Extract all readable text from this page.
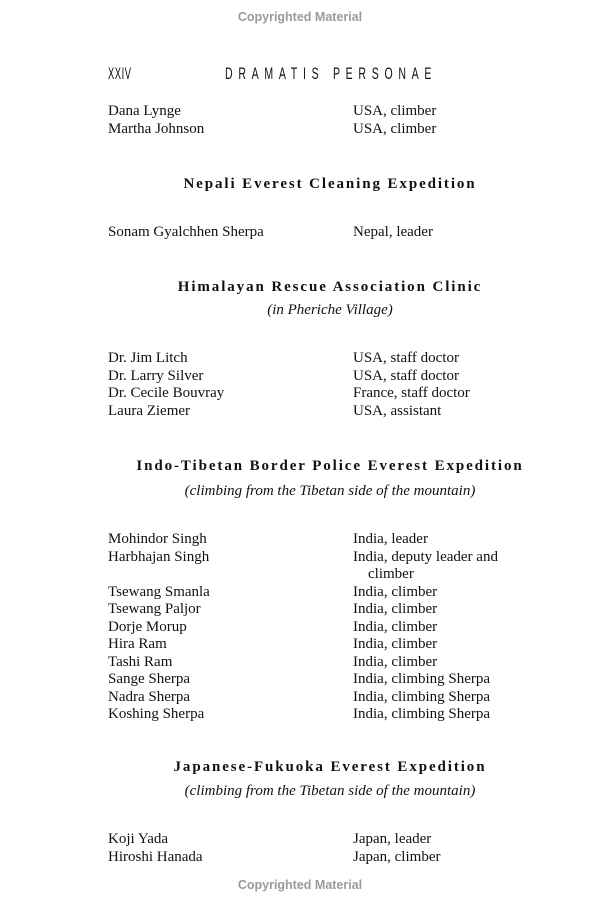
Copyrighted Material
XXIV	DRAMATIS PERSONAE
Dana Lynge	USA, climber
Martha Johnson	USA, climber
Nepali Everest Cleaning Expedition
Sonam Gyalchhen Sherpa	Nepal, leader
Himalayan Rescue Association Clinic
(in Pheriche Village)
Dr. Jim Litch	USA, staff doctor
Dr. Larry Silver	USA, staff doctor
Dr. Cecile Bouvray	France, staff doctor
Laura Ziemer	USA, assistant
Indo-Tibetan Border Police Everest Expedition
(climbing from the Tibetan side of the mountain)
Mohindor Singh	India, leader
Harbhajan Singh	India, deputy leader and
climber
Tsewang Smanla	India, climber
Tsewang Paljor	India, climber
Dorje Morup	India, climber
Hira Ram	India, climber
Tashi Ram	India, climber
Sange Sherpa	India, climbing Sherpa
Nadra Sherpa	India, climbing Sherpa
Koshing Sherpa	India, climbing Sherpa
Japanese-Fukuoka Everest Expedition
(climbing from the Tibetan side of the mountain)
Koji Yada	Japan, leader
Hiroshi Hanada	Japan, climber
Copyrighted Material
